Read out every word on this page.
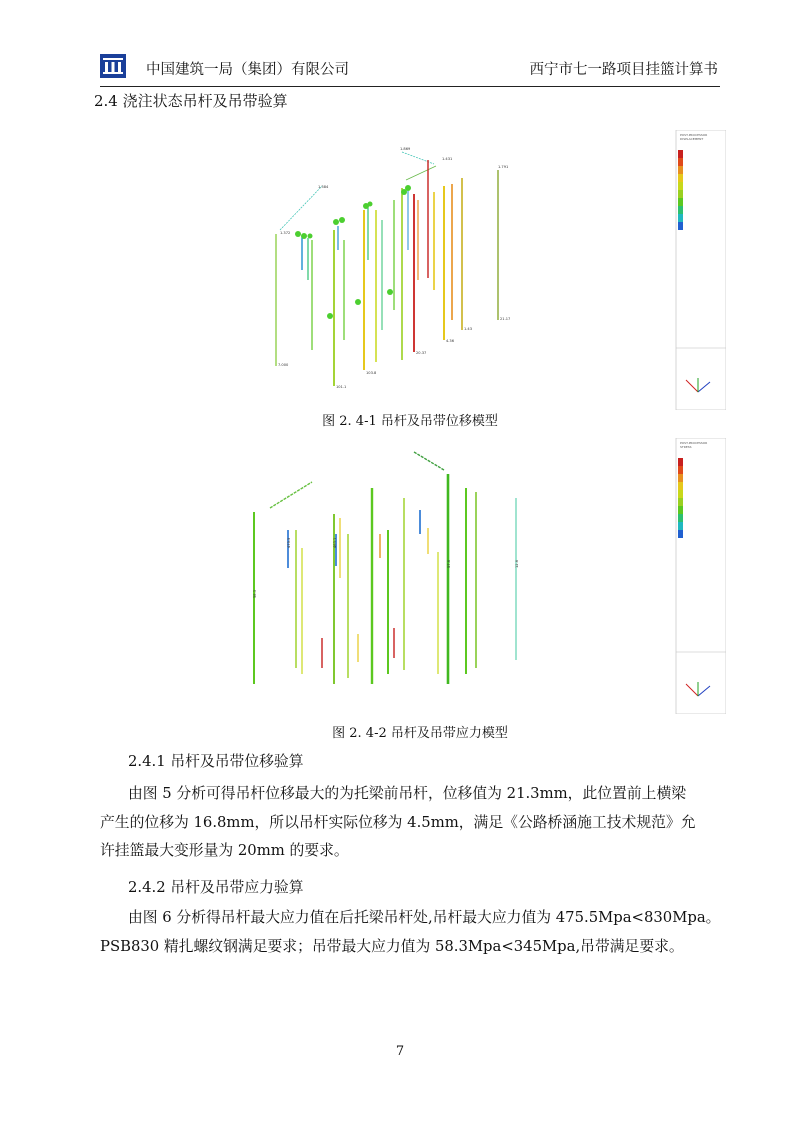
中国建筑一局（集团）有限公司	西宁市七一路项目挂篮计算书
2.4 浇注状态吊杆及吊带验算
1.372
1.384
1.869
1.431
1.791
7.000
101.1
103.8
20.37
4.36
1.43
21.17
POST-PROCESSOR
DISPLACEMENT
图 2. 4-1 吊杆及吊带位移模型
58.3
475.5	463.1
57.6	12.6
POST-PROCESSOR
STRESS
图 2. 4-2 吊杆及吊带应力模型
2.4.1 吊杆及吊带位移验算
由图 5 分析可得吊杆位移最大的为托梁前吊杆，位移值为 21.3mm，此位置前上横梁
产生的位移为 16.8mm，所以吊杆实际位移为 4.5mm，满足《公路桥涵施工技术规范》允
许挂篮最大变形量为 20mm 的要求。
2.4.2 吊杆及吊带应力验算
由图 6 分析得吊杆最大应力值在后托梁吊杆处,吊杆最大应力值为 475.5Mpa<830Mpa。
PSB830 精扎螺纹钢满足要求；吊带最大应力值为 58.3Mpa<345Mpa,吊带满足要求。
7
